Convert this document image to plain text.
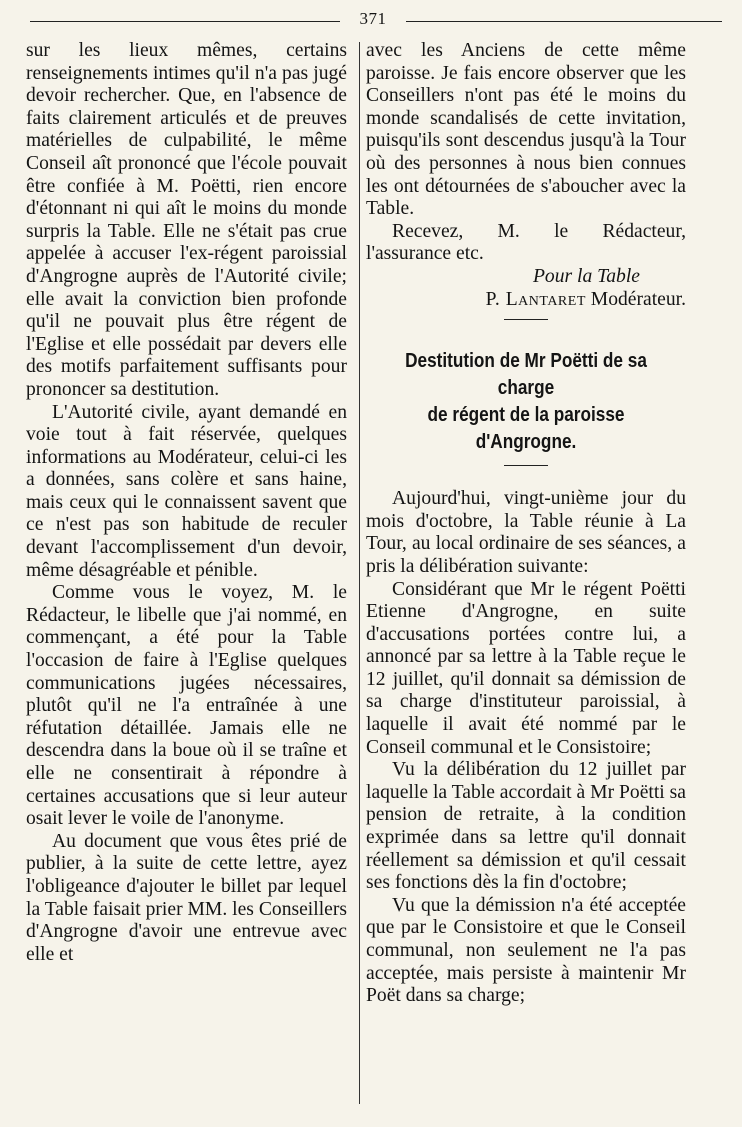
371

sur les lieux mêmes, certains renseignements intimes qu'il n'a pas jugé devoir rechercher. Que, en l'absence de faits clairement articulés et de preuves matérielles de culpabilité, le même Conseil aît prononcé que l'école pouvait être confiée à M. Poëtti, rien encore d'étonnant ni qui aît le moins du monde surpris la Table. Elle ne s'était pas crue appelée à accuser l'ex-régent paroissial d'Angrogne auprès de l'Autorité civile; elle avait la conviction bien profonde qu'il ne pouvait plus être régent de l'Eglise et elle possédait par devers elle des motifs parfaitement suffisants pour prononcer sa destitution.

L'Autorité civile, ayant demandé en voie tout à fait réservée, quelques informations au Modérateur, celui-ci les a données, sans colère et sans haine, mais ceux qui le connaissent savent que ce n'est pas son habitude de reculer devant l'accomplissement d'un devoir, même désagréable et pénible.

Comme vous le voyez, M. le Rédacteur, le libelle que j'ai nommé, en commençant, a été pour la Table l'occasion de faire à l'Eglise quelques communications jugées nécessaires, plutôt qu'il ne l'a entraînée à une réfutation détaillée. Jamais elle ne descendra dans la boue où il se traîne et elle ne consentirait à répondre à certaines accusations que si leur auteur osait lever le voile de l'anonyme.

Au document que vous êtes prié de publier, à la suite de cette lettre, ayez l'obligeance d'ajouter le billet par lequel la Table faisait prier MM. les Conseillers d'Angrogne d'avoir une entrevue avec elle et

avec les Anciens de cette même paroisse. Je fais encore observer que les Conseillers n'ont pas été le moins du monde scandalisés de cette invitation, puisqu'ils sont descendus jusqu'à la Tour où des personnes à nous bien connues les ont détournées de s'aboucher avec la Table.

Recevez, M. le Rédacteur, l'assurance etc.

Pour la Table

P. Lantaret Modérateur.

Destitution de Mr Poëtti de sa charge

de régent de la paroisse d'Angrogne.

Aujourd'hui, vingt-unième jour du mois d'octobre, la Table réunie à La Tour, au local ordinaire de ses séances, a pris la délibération suivante:

Considérant que Mr le régent Poëtti Etienne d'Angrogne, en suite d'accusations portées contre lui, a annoncé par sa lettre à la Table reçue le 12 juillet, qu'il donnait sa démission de sa charge d'instituteur paroissial, à laquelle il avait été nommé par le Conseil communal et le Consistoire;

Vu la délibération du 12 juillet par laquelle la Table accordait à Mr Poëtti sa pension de retraite, à la condition exprimée dans sa lettre qu'il donnait réellement sa démission et qu'il cessait ses fonctions dès la fin d'octobre;

Vu que la démission n'a été acceptée que par le Consistoire et que le Conseil communal, non seulement ne l'a pas acceptée, mais persiste à maintenir Mr Poët dans sa charge;
